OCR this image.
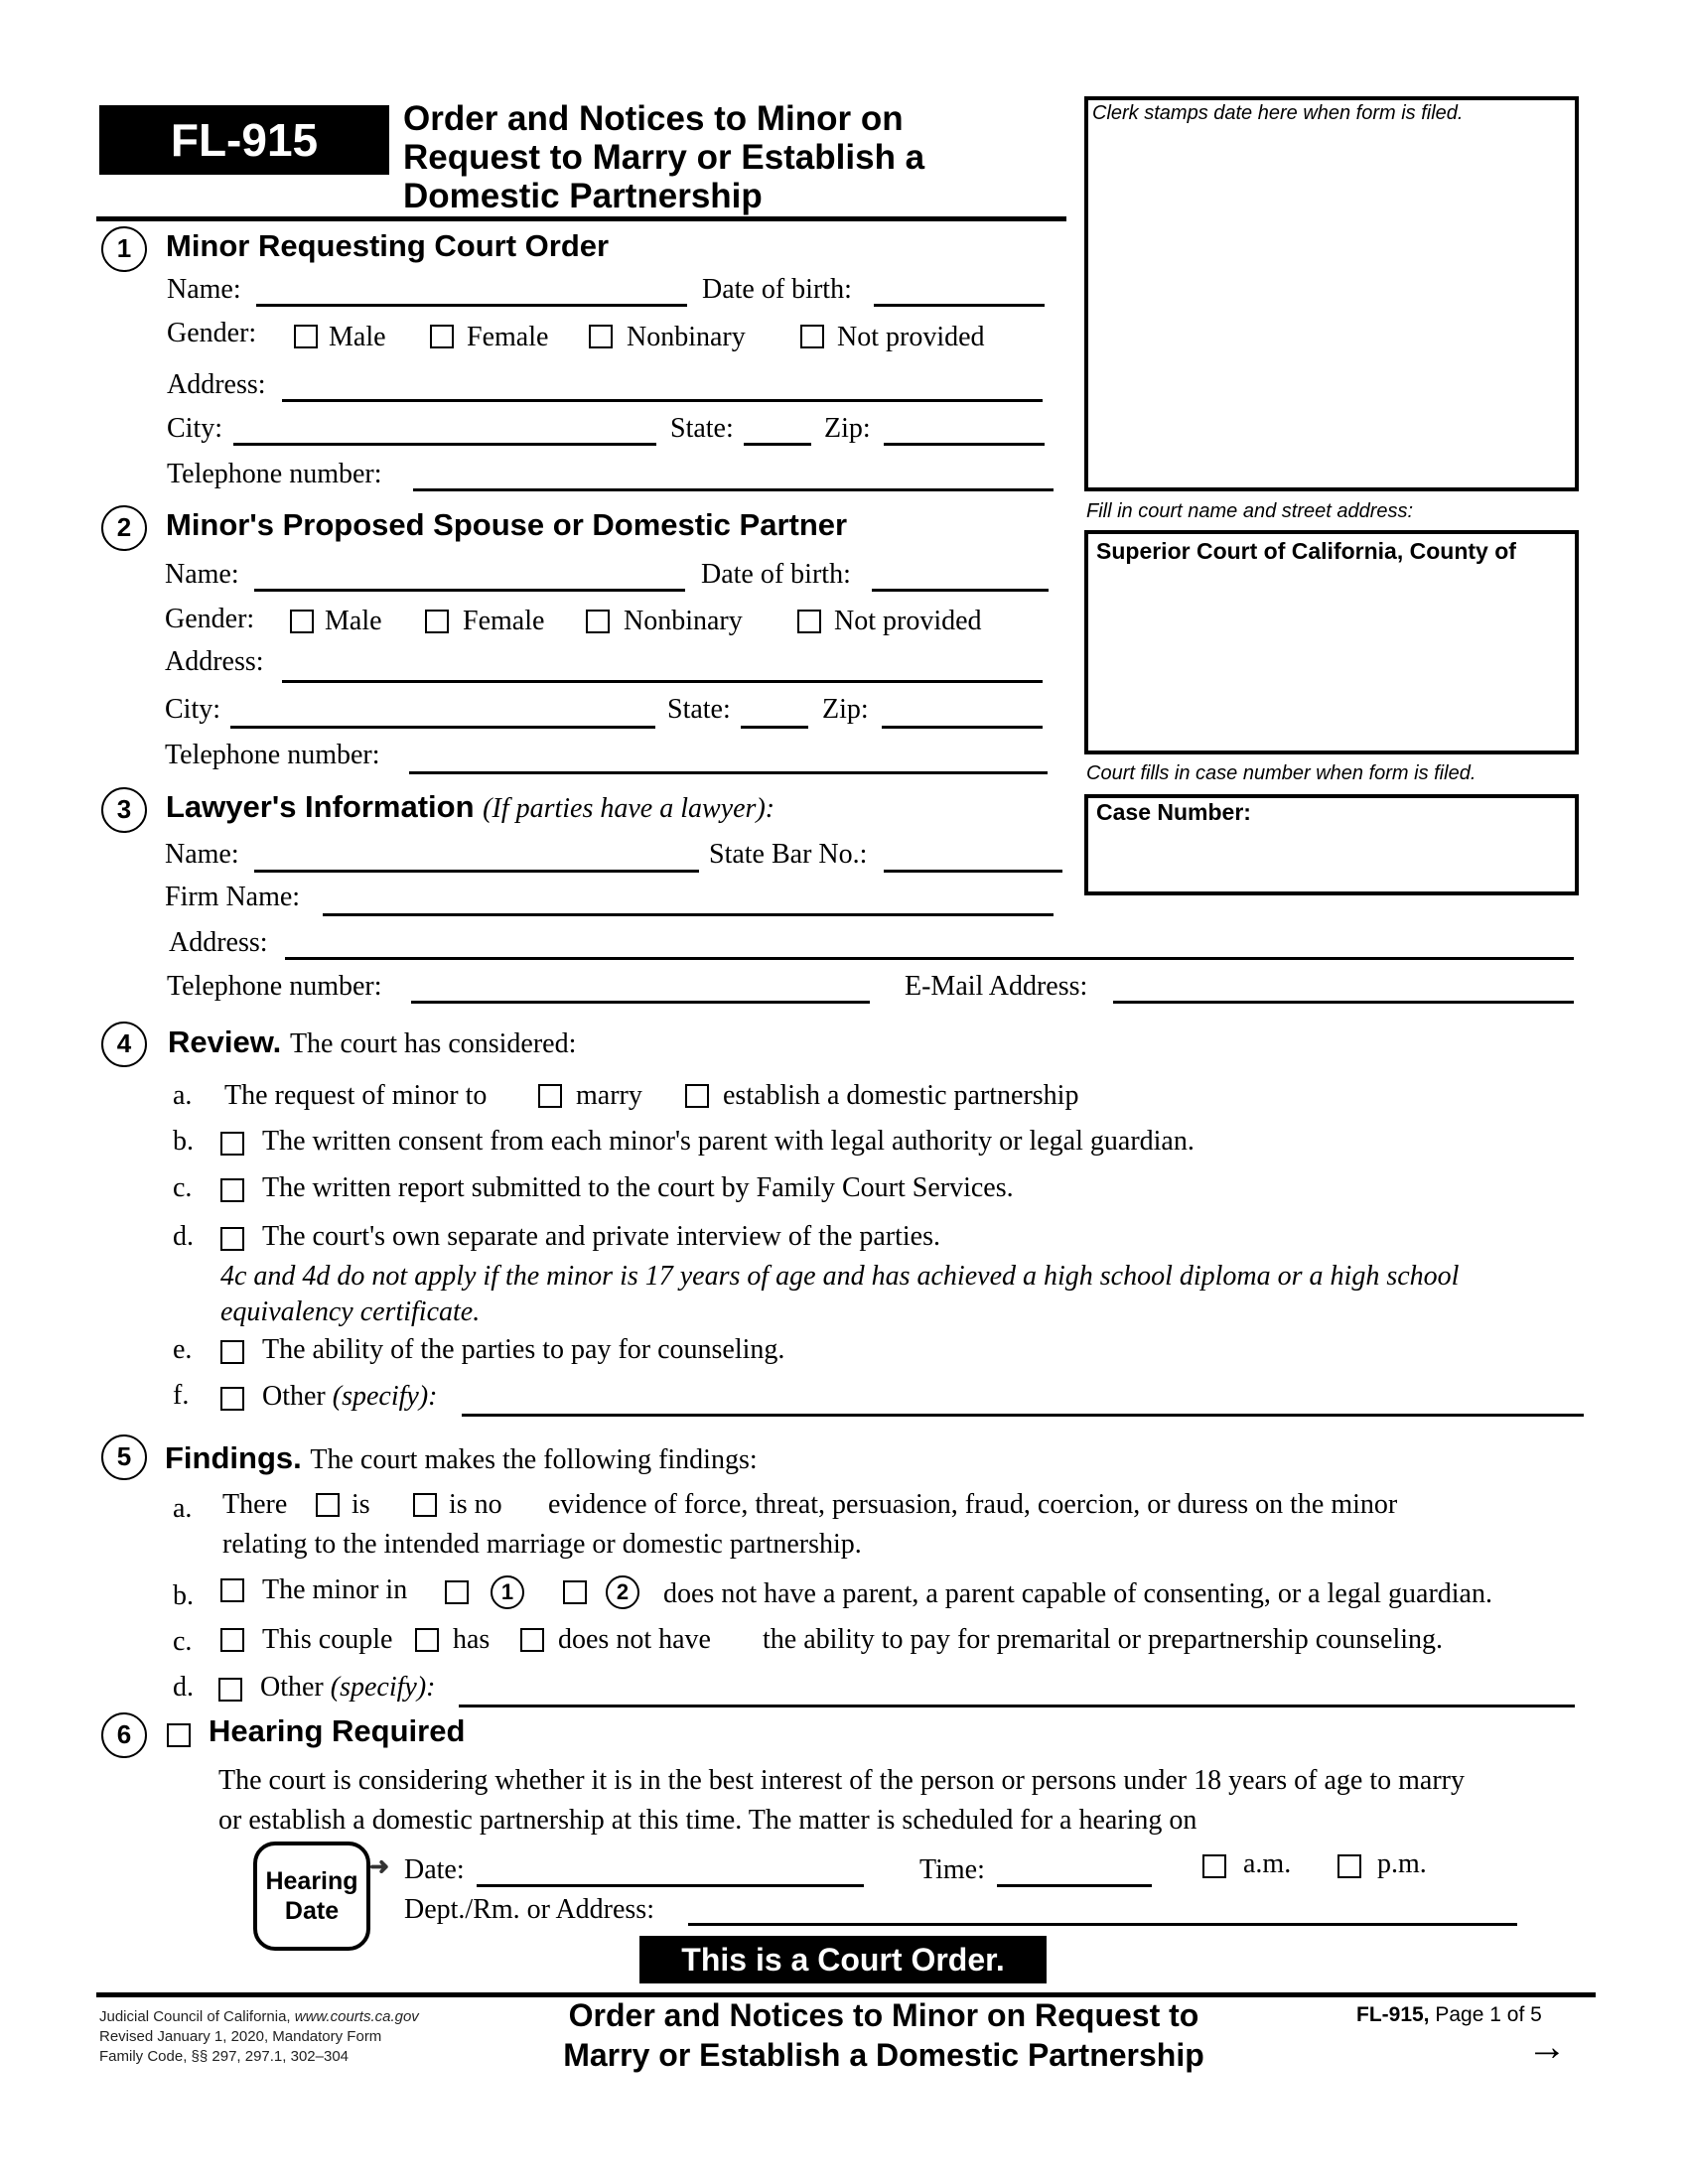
FL-915	Order and Notices to Minor on
Request to Marry or Establish a
Domestic Partnership
Clerk stamps date here when form is filed.
Fill in court name and street address:
Superior Court of California, County of
Court fills in case number when form is filed.
Case Number:
1	Minor Requesting Court Order
Name:	Date of birth:
Gender:	Male	Female	Nonbinary	Not provided
Address:
City:	State:	Zip:
Telephone number:
2	Minor's Proposed Spouse or Domestic Partner
Name:	Date of birth:
Gender:	Male	Female	Nonbinary	Not provided
Address:
City:	State:	Zip:
Telephone number:
3	Lawyer's Information (If parties have a lawyer):
Name:	State Bar No.:
Firm Name:
Address:
Telephone number:	E-Mail Address:
4	Review. The court has considered:
a. The request of minor to	marry	establish a domestic partnership
b. The written consent from each minor's parent with legal authority or legal guardian.
c.	The written report submitted to the court by Family Court Services.
d. The court's own separate and private interview of the parties.
4c and 4d do not apply if the minor is 17 years of age and has achieved a high school diploma or a high school
equivalency certificate.
e.	The ability of the parties to pay for counseling.
f.	Other (specify):
5	Findings. The court makes the following findings:
a. There is	is no evidence of force, threat, persuasion, fraud, coercion, or duress on the minor
relating to the intended marriage or domestic partnership.
b. The minor in	1	2	does not have a parent, a parent capable of consenting, or a legal guardian.
c.	This couple has does not have the ability to pay for premarital or prepartnership counseling.
d. Other (specify):
6	Hearing Required
The court is considering whether it is in the best interest of the person or persons under 18 years of age to marry
or establish a domestic partnership at this time. The matter is scheduled for a hearing on
Hearing
Date
➜ Date:	Time:	a.m.	p.m.
Dept./Rm. or Address:
This is a Court Order.
Judicial Council of California, www.courts.ca.gov
Revised January 1, 2020, Mandatory Form
Family Code, §§ 297, 297.1, 302–304
Order and Notices to Minor on Request to
Marry or Establish a Domestic Partnership
FL-915, Page 1 of 5
→
